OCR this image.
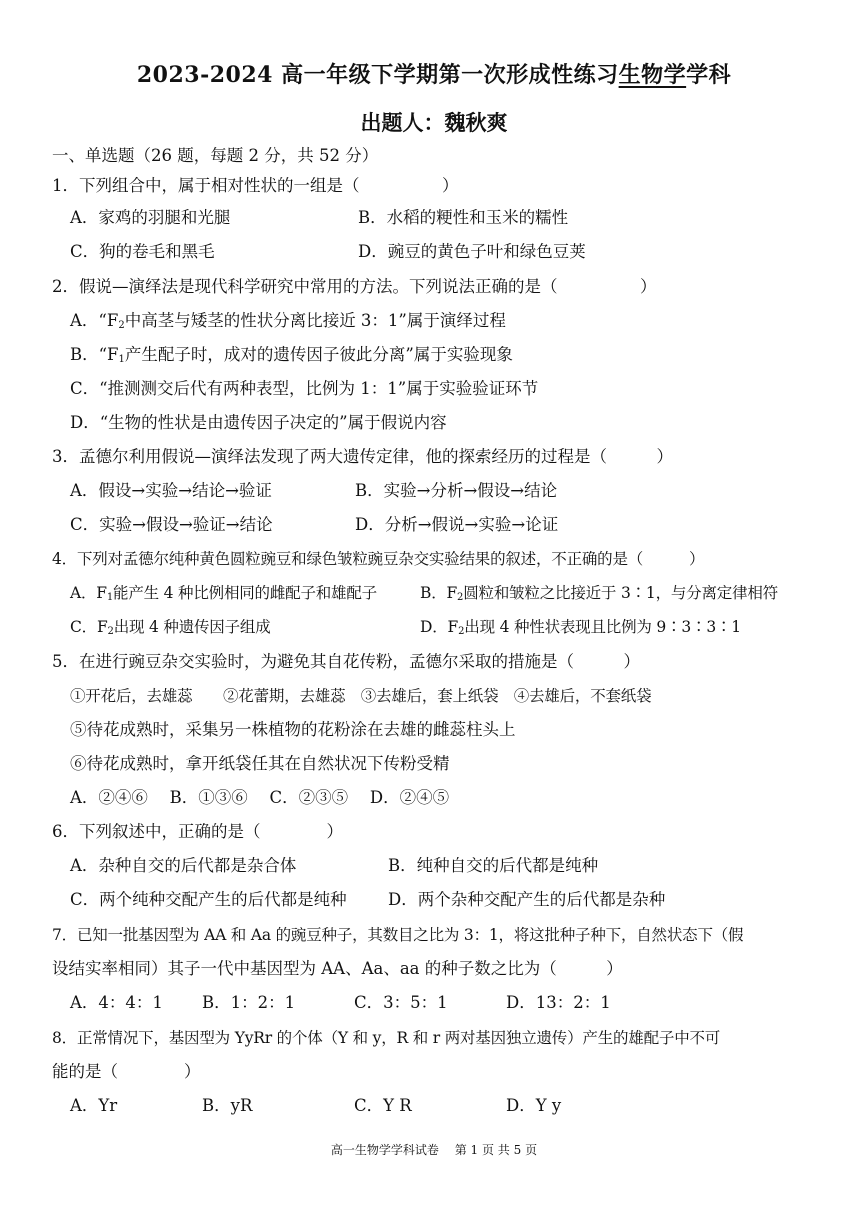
2023-2024 高一年级下学期第一次形成性练习生物学学科
出题人：魏秋爽
一、单选题（26 题，每题 2 分，共 52 分）
1．下列组合中，属于相对性状的一组是（　　　　　）
A．家鸡的羽腿和光腿	B．水稻的粳性和玉米的糯性
C．狗的卷毛和黑毛	D．豌豆的黄色子叶和绿色豆荚
2．假说—演绎法是现代科学研究中常用的方法。下列说法正确的是（　　　　　）
A．“$F_2$中高茎与矮茎的性状分离比接近 3：1”属于演绎过程
B．“$F_1$产生配子时，成对的遗传因子彼此分离”属于实验现象
C．“推测测交后代有两种表型，比例为 1：1”属于实验验证环节
D．“生物的性状是由遗传因子决定的”属于假说内容
3．孟德尔利用假说—演绎法发现了两大遗传定律，他的探索经历的过程是（　　　）
A．假设→实验→结论→验证	B．实验→分析→假设→结论
C．实验→假设→验证→结论	D．分析→假说→实验→论证
4．下列对孟德尔纯种黄色圆粒豌豆和绿色皱粒豌豆杂交实验结果的叙述，不正确的是（　　　）
A．$F_1$能产生 4 种比例相同的雌配子和雄配子	B．$F_2$圆粒和皱粒之比接近于 3∶1，与分离定律相符
C．$F_2$出现 4 种遗传因子组成	D．$F_2$出现 4 种性状表现且比例为 9∶3∶3∶1
5．在进行豌豆杂交实验时，为避免其自花传粉，孟德尔采取的措施是（　　　）
①开花后，去雄蕊　　②花蕾期，去雄蕊　③去雄后，套上纸袋　④去雄后，不套纸袋
⑤待花成熟时，采集另一株植物的花粉涂在去雄的雌蕊柱头上
⑥待花成熟时，拿开纸袋任其在自然状况下传粉受精
A．②④⑥　 B．①③⑥　 C．②③⑤　 D．②④⑤
6．下列叙述中，正确的是（　　　　）
A．杂种自交的后代都是杂合体	B．纯种自交的后代都是纯种
C．两个纯种交配产生的后代都是纯种	D．两个杂种交配产生的后代都是杂种
7．已知一批基因型为 AA 和 Aa 的豌豆种子，其数目之比为 3：1，将这批种子种下，自然状态下（假
设结实率相同）其子一代中基因型为 AA、Aa、aa 的种子数之比为（　　　）
A．4：4：1 B．1：2：1	C．3：5：1	D．13：2：1
8．正常情况下，基因型为 YyRr 的个体（Y 和 y，R 和 r 两对基因独立遗传）产生的雄配子中不可
能的是（　　　　）
A．Yr	B．yR	C．Y R	D．Y y
高一生物学学科试卷　 第 1 页 共 5 页
